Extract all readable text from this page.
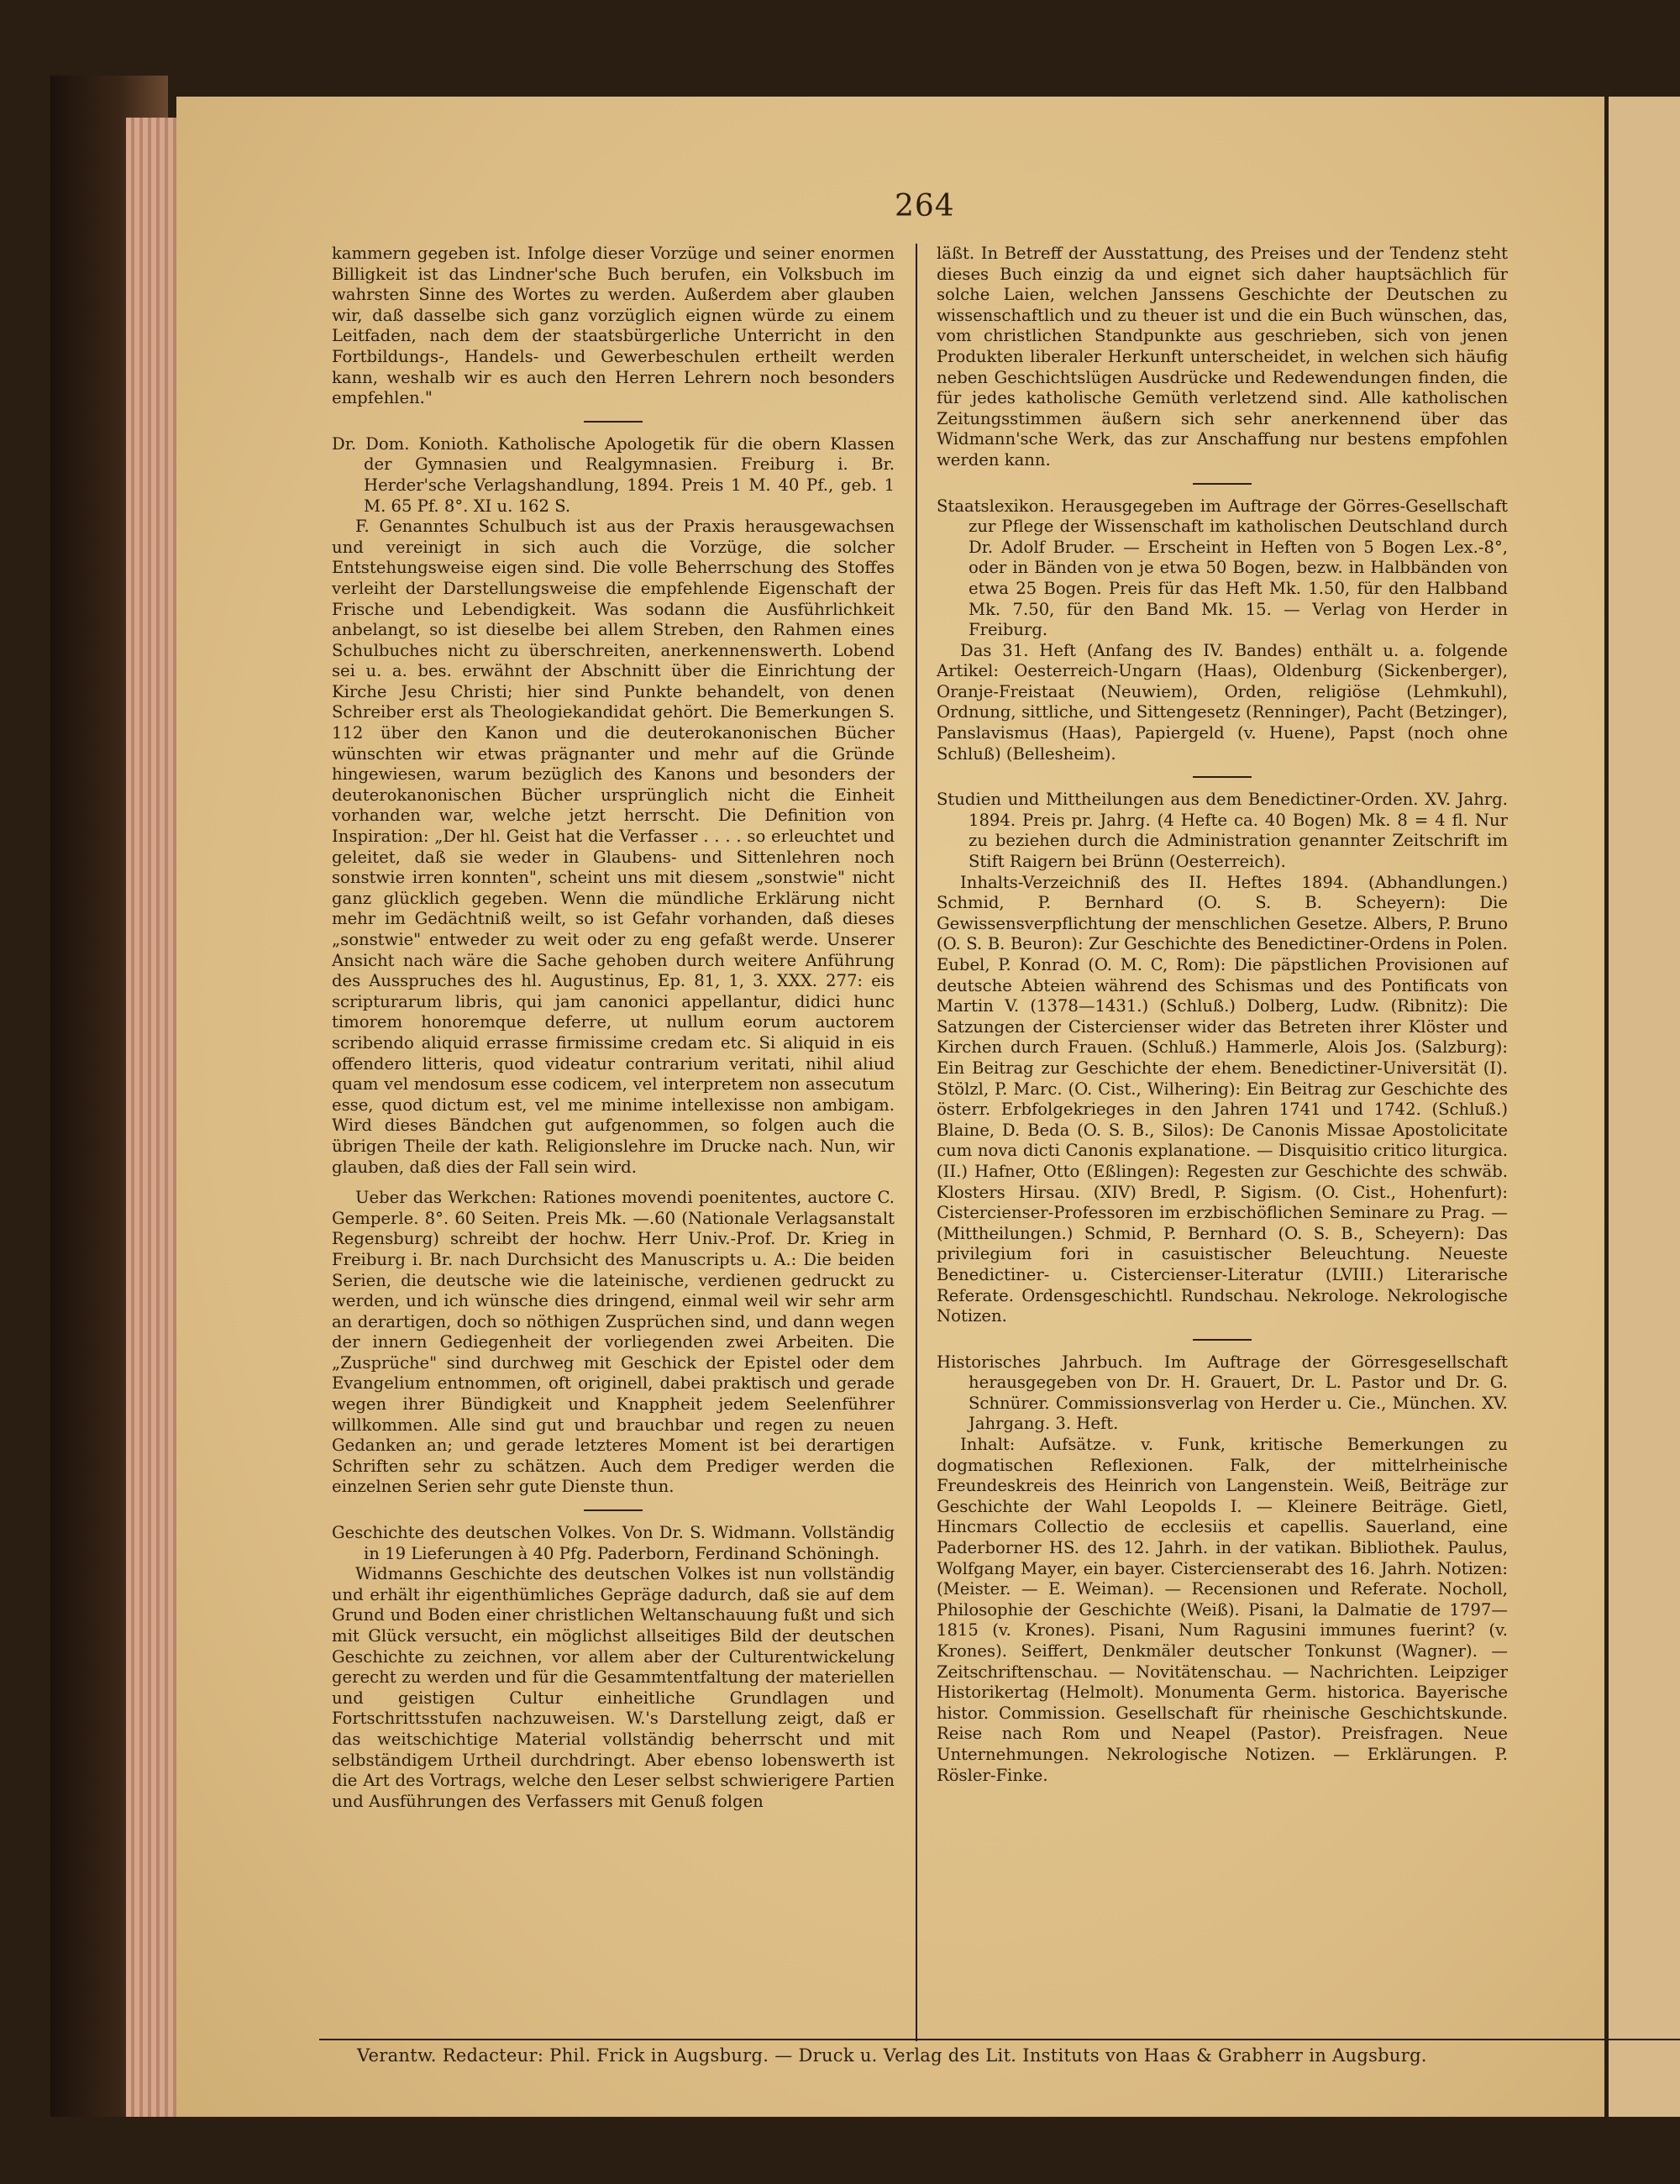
264

kammern gegeben ist. Infolge dieser Vorzüge und seiner enormen Billigkeit ist das Lindner'sche Buch berufen, ein Volksbuch im wahrsten Sinne des Wortes zu werden. Außerdem aber glauben wir, daß dasselbe sich ganz vorzüglich eignen würde zu einem Leitfaden, nach dem der staatsbürgerliche Unterricht in den Fortbildungs-, Handels- und Gewerbeschulen ertheilt werden kann, weshalb wir es auch den Herren Lehrern noch besonders empfehlen."

Dr. Dom. Konioth. Katholische Apologetik für die obern Klassen der Gymnasien und Realgymnasien. Freiburg i. Br. Herder'sche Verlagshandlung, 1894. Preis 1 M. 40 Pf., geb. 1 M. 65 Pf. 8°. XI u. 162 S.

F. Genanntes Schulbuch ist aus der Praxis herausgewachsen und vereinigt in sich auch die Vorzüge, die solcher Entstehungsweise eigen sind. Die volle Beherrschung des Stoffes verleiht der Darstellungsweise die empfehlende Eigenschaft der Frische und Lebendigkeit. Was sodann die Ausführlichkeit anbelangt, so ist dieselbe bei allem Streben, den Rahmen eines Schulbuches nicht zu überschreiten, anerkennenswerth. Lobend sei u. a. bes. erwähnt der Abschnitt über die Einrichtung der Kirche Jesu Christi; hier sind Punkte behandelt, von denen Schreiber erst als Theologiekandidat gehört. Die Bemerkungen S. 112 über den Kanon und die deuterokanonischen Bücher wünschten wir etwas prägnanter und mehr auf die Gründe hingewiesen, warum bezüglich des Kanons und besonders der deuterokanonischen Bücher ursprünglich nicht die Einheit vorhanden war, welche jetzt herrscht. Die Definition von Inspiration: „Der hl. Geist hat die Verfasser . . . . so erleuchtet und geleitet, daß sie weder in Glaubens- und Sittenlehren noch sonstwie irren konnten", scheint uns mit diesem „sonstwie" nicht ganz glücklich gegeben. Wenn die mündliche Erklärung nicht mehr im Gedächtniß weilt, so ist Gefahr vorhanden, daß dieses „sonstwie" entweder zu weit oder zu eng gefaßt werde. Unserer Ansicht nach wäre die Sache gehoben durch weitere Anführung des Ausspruches des hl. Augustinus, Ep. 81, 1, 3. XXX. 277: eis scripturarum libris, qui jam canonici appellantur, didici hunc timorem honoremque deferre, ut nullum eorum auctorem scribendo aliquid errasse firmissime credam etc. Si aliquid in eis offendero litteris, quod videatur contrarium veritati, nihil aliud quam vel mendosum esse codicem, vel interpretem non assecutum esse, quod dictum est, vel me minime intellexisse non ambigam. Wird dieses Bändchen gut aufgenommen, so folgen auch die übrigen Theile der kath. Religionslehre im Drucke nach. Nun, wir glauben, daß dies der Fall sein wird.

Ueber das Werkchen: Rationes movendi poenitentes, auctore C. Gemperle. 8°. 60 Seiten. Preis Mk. —.60 (Nationale Verlagsanstalt Regensburg) schreibt der hochw. Herr Univ.-Prof. Dr. Krieg in Freiburg i. Br. nach Durchsicht des Manuscripts u. A.: Die beiden Serien, die deutsche wie die lateinische, verdienen gedruckt zu werden, und ich wünsche dies dringend, einmal weil wir sehr arm an derartigen, doch so nöthigen Zusprüchen sind, und dann wegen der innern Gediegenheit der vorliegenden zwei Arbeiten. Die „Zusprüche" sind durchweg mit Geschick der Epistel oder dem Evangelium entnommen, oft originell, dabei praktisch und gerade wegen ihrer Bündigkeit und Knappheit jedem Seelenführer willkommen. Alle sind gut und brauchbar und regen zu neuen Gedanken an; und gerade letzteres Moment ist bei derartigen Schriften sehr zu schätzen. Auch dem Prediger werden die einzelnen Serien sehr gute Dienste thun.

Geschichte des deutschen Volkes. Von Dr. S. Widmann. Vollständig in 19 Lieferungen à 40 Pfg. Paderborn, Ferdinand Schöningh.

Widmanns Geschichte des deutschen Volkes ist nun vollständig und erhält ihr eigenthümliches Gepräge dadurch, daß sie auf dem Grund und Boden einer christlichen Weltanschauung fußt und sich mit Glück versucht, ein möglichst allseitiges Bild der deutschen Geschichte zu zeichnen, vor allem aber der Culturentwickelung gerecht zu werden und für die Gesammtentfaltung der materiellen und geistigen Cultur einheitliche Grundlagen und Fortschrittsstufen nachzuweisen. W.'s Darstellung zeigt, daß er das weitschichtige Material vollständig beherrscht und mit selbständigem Urtheil durchdringt. Aber ebenso lobenswerth ist die Art des Vortrags, welche den Leser selbst schwierigere Partien und Ausführungen des Verfassers mit Genuß folgen

läßt. In Betreff der Ausstattung, des Preises und der Tendenz steht dieses Buch einzig da und eignet sich daher hauptsächlich für solche Laien, welchen Janssens Geschichte der Deutschen zu wissenschaftlich und zu theuer ist und die ein Buch wünschen, das, vom christlichen Standpunkte aus geschrieben, sich von jenen Produkten liberaler Herkunft unterscheidet, in welchen sich häufig neben Geschichtslügen Ausdrücke und Redewendungen finden, die für jedes katholische Gemüth verletzend sind. Alle katholischen Zeitungsstimmen äußern sich sehr anerkennend über das Widmann'sche Werk, das zur Anschaffung nur bestens empfohlen werden kann.

Staatslexikon. Herausgegeben im Auftrage der Görres-Gesellschaft zur Pflege der Wissenschaft im katholischen Deutschland durch Dr. Adolf Bruder. — Erscheint in Heften von 5 Bogen Lex.-8°, oder in Bänden von je etwa 50 Bogen, bezw. in Halbbänden von etwa 25 Bogen. Preis für das Heft Mk. 1.50, für den Halbband Mk. 7.50, für den Band Mk. 15. — Verlag von Herder in Freiburg.

Das 31. Heft (Anfang des IV. Bandes) enthält u. a. folgende Artikel: Oesterreich-Ungarn (Haas), Oldenburg (Sickenberger), Oranje-Freistaat (Neuwiem), Orden, religiöse (Lehmkuhl), Ordnung, sittliche, und Sittengesetz (Renninger), Pacht (Betzinger), Panslavismus (Haas), Papiergeld (v. Huene), Papst (noch ohne Schluß) (Bellesheim).

Studien und Mittheilungen aus dem Benedictiner-Orden. XV. Jahrg. 1894. Preis pr. Jahrg. (4 Hefte ca. 40 Bogen) Mk. 8 = 4 fl. Nur zu beziehen durch die Administration genannter Zeitschrift im Stift Raigern bei Brünn (Oesterreich).

Inhalts-Verzeichniß des II. Heftes 1894. (Abhandlungen.) Schmid, P. Bernhard (O. S. B. Scheyern): Die Gewissensverpflichtung der menschlichen Gesetze. Albers, P. Bruno (O. S. B. Beuron): Zur Geschichte des Benedictiner-Ordens in Polen. Eubel, P. Konrad (O. M. C, Rom): Die päpstlichen Provisionen auf deutsche Abteien während des Schismas und des Pontificats von Martin V. (1378—1431.) (Schluß.) Dolberg, Ludw. (Ribnitz): Die Satzungen der Cistercienser wider das Betreten ihrer Klöster und Kirchen durch Frauen. (Schluß.) Hammerle, Alois Jos. (Salzburg): Ein Beitrag zur Geschichte der ehem. Benedictiner-Universität (I). Stölzl, P. Marc. (O. Cist., Wilhering): Ein Beitrag zur Geschichte des österr. Erbfolgekrieges in den Jahren 1741 und 1742. (Schluß.) Blaine, D. Beda (O. S. B., Silos): De Canonis Missae Apostolicitate cum nova dicti Canonis explanatione. — Disquisitio critico liturgica. (II.) Hafner, Otto (Eßlingen): Regesten zur Geschichte des schwäb. Klosters Hirsau. (XIV) Bredl, P. Sigism. (O. Cist., Hohenfurt): Cistercienser-Professoren im erzbischöflichen Seminare zu Prag. — (Mittheilungen.) Schmid, P. Bernhard (O. S. B., Scheyern): Das privilegium fori in casuistischer Beleuchtung. Neueste Benedictiner- u. Cistercienser-Literatur (LVIII.) Literarische Referate. Ordensgeschichtl. Rundschau. Nekrologe. Nekrologische Notizen.

Historisches Jahrbuch. Im Auftrage der Görresgesellschaft herausgegeben von Dr. H. Grauert, Dr. L. Pastor und Dr. G. Schnürer. Commissionsverlag von Herder u. Cie., München. XV. Jahrgang. 3. Heft.

Inhalt: Aufsätze. v. Funk, kritische Bemerkungen zu dogmatischen Reflexionen. Falk, der mittelrheinische Freundeskreis des Heinrich von Langenstein. Weiß, Beiträge zur Geschichte der Wahl Leopolds I. — Kleinere Beiträge. Gietl, Hincmars Collectio de ecclesiis et capellis. Sauerland, eine Paderborner HS. des 12. Jahrh. in der vatikan. Bibliothek. Paulus, Wolfgang Mayer, ein bayer. Cistercienserabt des 16. Jahrh. Notizen: (Meister. — E. Weiman). — Recensionen und Referate. Nocholl, Philosophie der Geschichte (Weiß). Pisani, la Dalmatie de 1797—1815 (v. Krones). Pisani, Num Ragusini immunes fuerint? (v. Krones). Seiffert, Denkmäler deutscher Tonkunst (Wagner). — Zeitschriftenschau. — Novitätenschau. — Nachrichten. Leipziger Historikertag (Helmolt). Monumenta Germ. historica. Bayerische histor. Commission. Gesellschaft für rheinische Geschichtskunde. Reise nach Rom und Neapel (Pastor). Preisfragen. Neue Unternehmungen. Nekrologische Notizen. — Erklärungen. P. Rösler-Finke.

Verantw. Redacteur: Phil. Frick in Augsburg. — Druck u. Verlag des Lit. Instituts von Haas & Grabherr in Augsburg.
